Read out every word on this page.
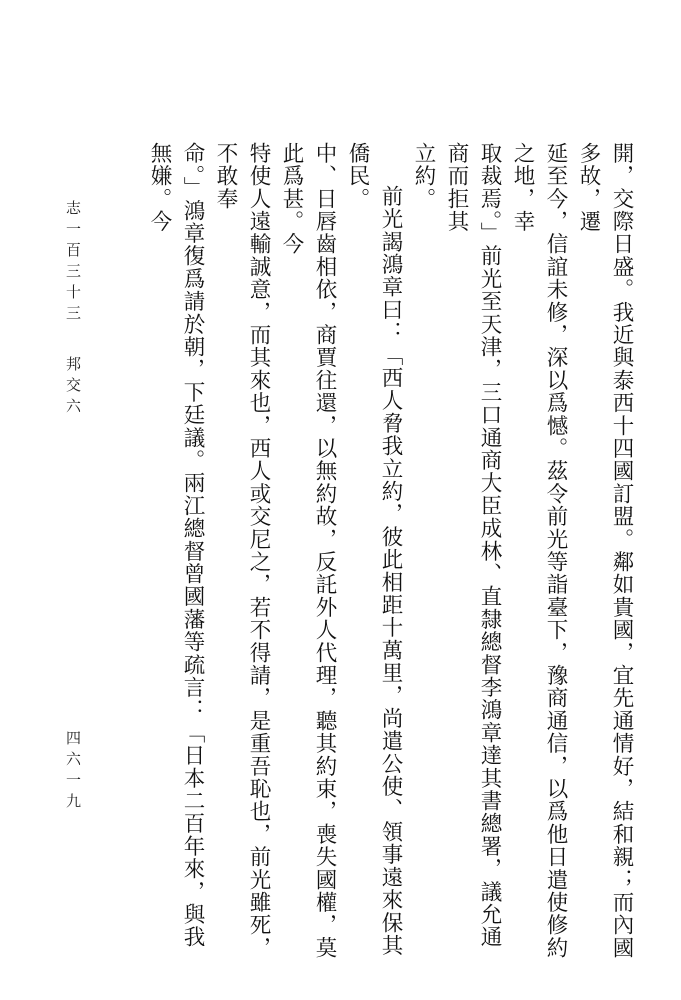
開，交際日盛。我近與泰西十四國訂盟。鄰如貴國，宜先通情好，結和親；而內國多故，遷
延至今，信誼未修，深以爲憾。茲令前光等詣臺下，豫商通信，以爲他日遣使修約之地，幸
取裁焉。」前光至天津，三口通商大臣成林、直隸總督李鴻章達其書總署，議允通商而拒其
立約。
前光謁鴻章曰：「西人脅我立約，彼此相距十萬里，尚遣公使、領事遠來保其僑民。
中、日唇齒相依，商賈往還，以無約故，反託外人代理，聽其約束，喪失國權，莫此爲甚。今
特使人遠輸誠意，而其來也，西人或交尼之，若不得請，是重吾恥也，前光雖死，不敢奉
命。」鴻章復爲請於朝，下廷議。兩江總督曾國藩等疏言：「日本二百年來，與我無嫌。今
志一百三十三邦交六
四六一九
